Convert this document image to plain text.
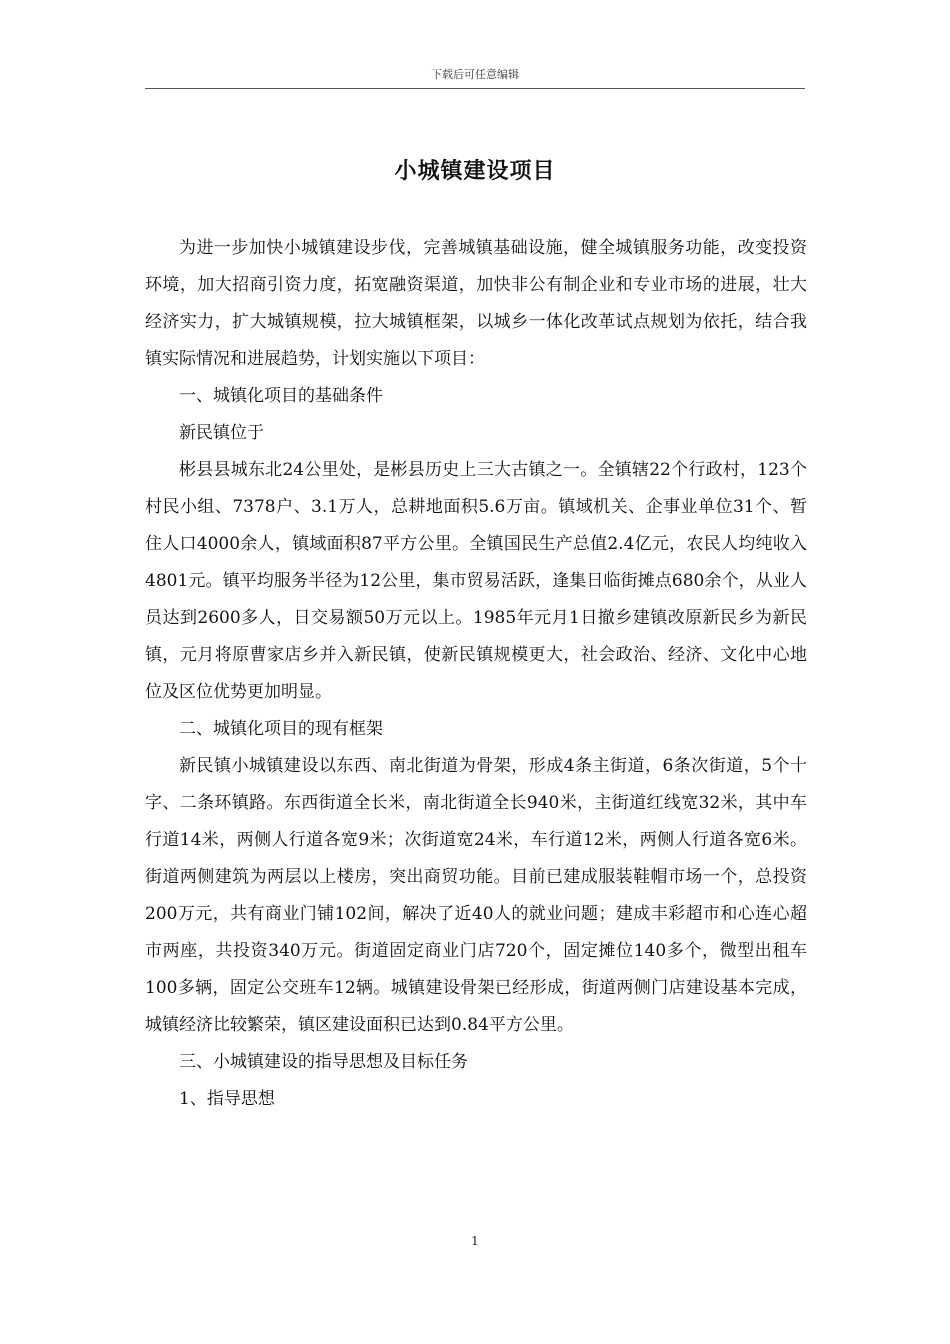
下载后可任意编辑
小城镇建设项目

为进一步加快小城镇建设步伐，完善城镇基础设施，健全城镇服务功能，改变投资环境，加大招商引资力度，拓宽融资渠道，加快非公有制企业和专业市场的进展，壮大经济实力，扩大城镇规模，拉大城镇框架，以城乡一体化改革试点规划为依托，结合我镇实际情况和进展趋势，计划实施以下项目：

一、城镇化项目的基础条件

新民镇位于

彬县县城东北24公里处，是彬县历史上三大古镇之一。全镇辖22个行政村，123个村民小组、7378户、3.1万人，总耕地面积5.6万亩。镇域机关、企事业单位31个、暂住人口4000余人，镇域面积87平方公里。全镇国民生产总值2.4亿元，农民人均纯收入4801元。镇平均服务半径为12公里，集市贸易活跃，逢集日临街摊点680余个，从业人员达到2600多人，日交易额50万元以上。1985年元月1日撤乡建镇改原新民乡为新民镇，元月将原曹家店乡并入新民镇，使新民镇规模更大，社会政治、经济、文化中心地位及区位优势更加明显。

二、城镇化项目的现有框架

新民镇小城镇建设以东西、南北街道为骨架，形成4条主街道，6条次街道，5个十字、二条环镇路。东西街道全长米，南北街道全长940米，主街道红线宽32米，其中车行道14米，两侧人行道各宽9米；次街道宽24米，车行道12米，两侧人行道各宽6米。街道两侧建筑为两层以上楼房，突出商贸功能。目前已建成服装鞋帽市场一个，总投资200万元，共有商业门铺102间，解决了近40人的就业问题；建成丰彩超市和心连心超市两座，共投资340万元。街道固定商业门店720个，固定摊位140多个，微型出租车100多辆，固定公交班车12辆。城镇建设骨架已经形成，街道两侧门店建设基本完成，城镇经济比较繁荣，镇区建设面积已达到0.84平方公里。

三、小城镇建设的指导思想及目标任务

1、指导思想

1
